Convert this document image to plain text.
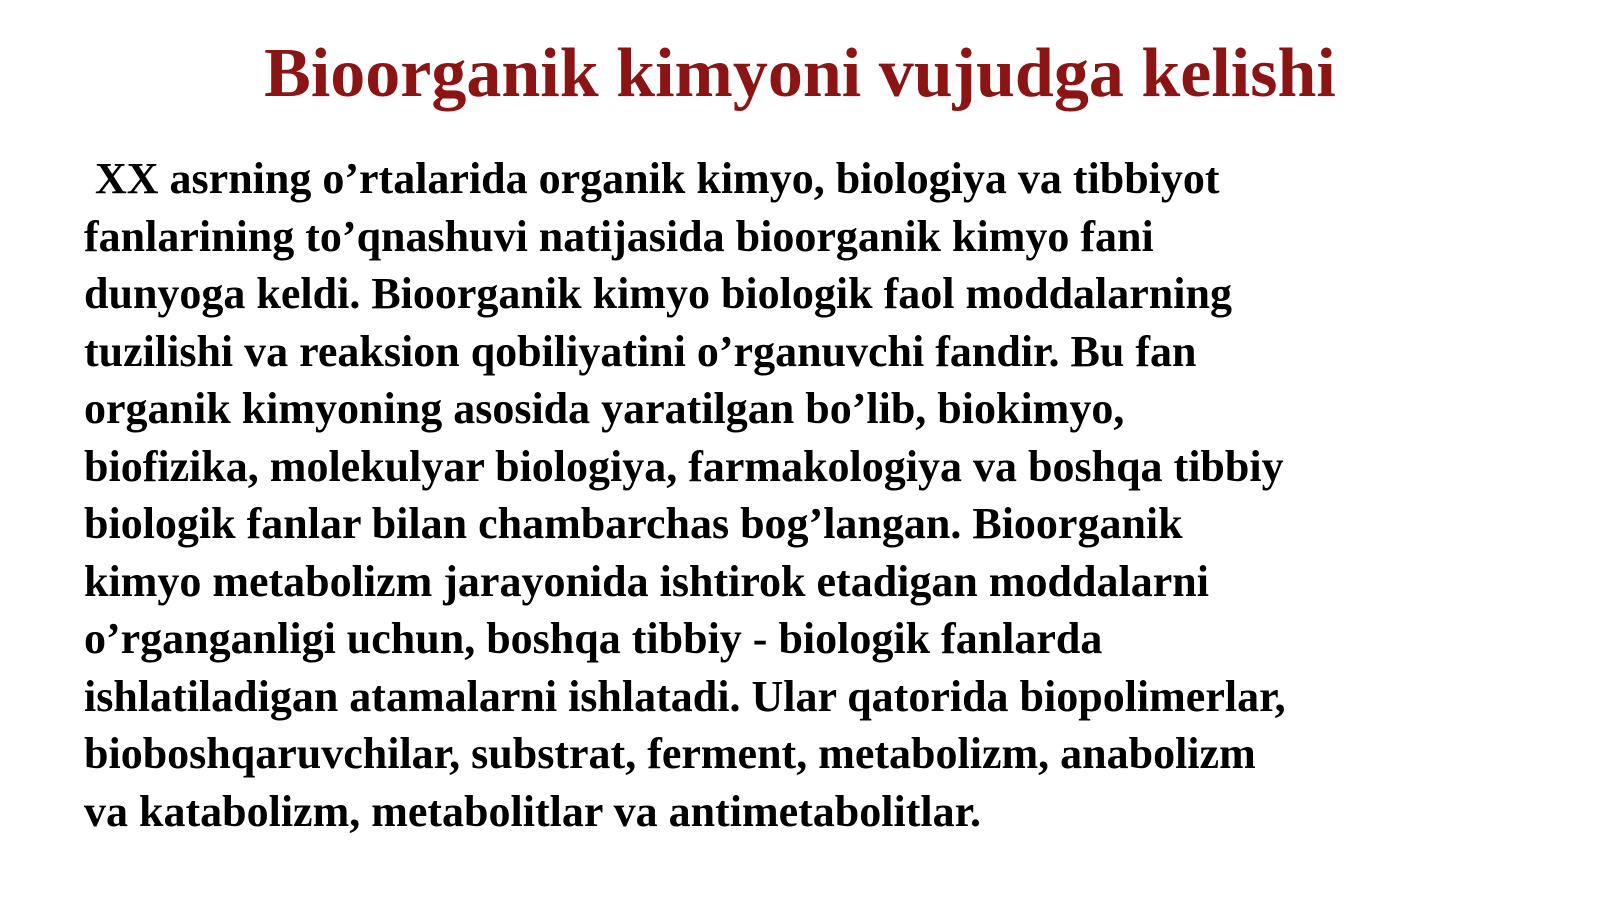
Bioorganik kimyoni vujudga kelishi
XX asrning o’rtalarida organik kimyo, biologiya va tibbiyot
fanlarining to’qnashuvi natijasida bioorganik kimyo fani
dunyoga keldi. Bioorganik kimyo biologik faol moddalarning
tuzilishi va reaksion qobiliyatini o’rganuvchi fandir. Bu fan
organik kimyoning asosida yaratilgan bo’lib, biokimyo,
biofizika, molekulyar biologiya, farmakologiya va boshqa tibbiy
biologik fanlar bilan chambarchas bog’langan. Bioorganik
kimyo metabolizm jarayonida ishtirok etadigan moddalarni
o’rganganligi uchun, boshqa tibbiy - biologik fanlarda
ishlatiladigan atamalarni ishlatadi. Ular qatorida biopolimerlar,
bioboshqaruvchilar, substrat, ferment, metabolizm, anabolizm
va katabolizm, metabolitlar va antimetabolitlar.
